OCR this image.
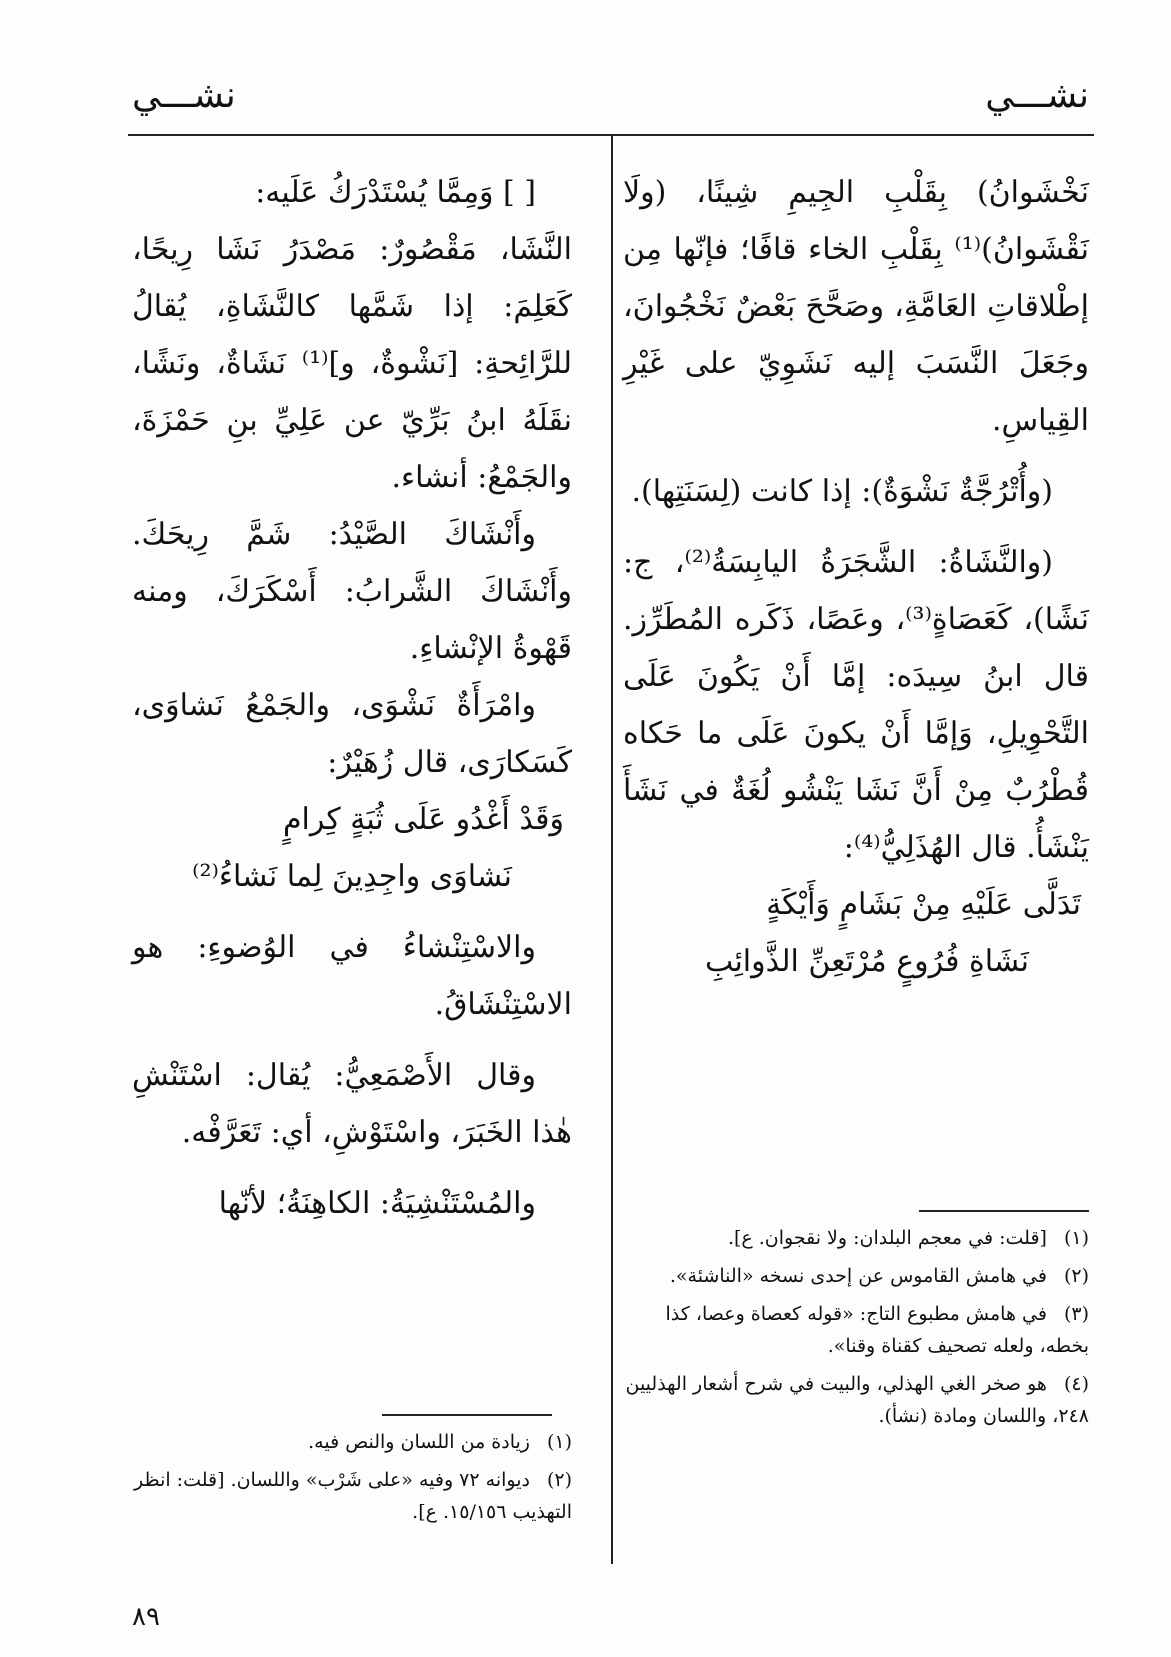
نشـــي
نشـــي

نَخْشَوانُ) بِقَلْبِ الجِيمِ شِينًا، (ولَا نَقْشَوانُ)⁽¹⁾ بِقَلْبِ الخاء قافًا؛ فإنّها مِن إطْلاقاتِ العَامَّةِ، وصَحَّحَ بَعْضٌ نَخْجُوانَ، وجَعَلَ النَّسَبَ إليه نَشَوِيّ على غَيْرِ القِياسِ.

(وأُتْرُجَّةٌ نَشْوَةٌ): إذا كانت (لِسَنَتِها).

(والنَّشَاةُ: الشَّجَرَةُ اليابِسَةُ⁽²⁾، ج: نَشًا)، كَعَصَاةٍ⁽³⁾، وعَصًا، ذَكَره المُطَرِّز. قال ابنُ سِيدَه: إمَّا أَنْ يَكُونَ عَلَى التَّحْوِيلِ، وَإمَّا أَنْ يكونَ عَلَى ما حَكاه قُطْرُبٌ مِنْ أَنَّ نَشَا يَنْشُو لُغَةٌ في نَشَأَ يَنْشَأُ. قال الهُذَلِيُّ⁽⁴⁾:

تَدَلَّى عَلَيْهِ مِنْ بَشَامٍ وَأَيْكَةٍ

نَشَاةِ فُرُوعٍ مُرْتَعِنِّ الذَّوائِبِ

[ ] وَمِمَّا يُسْتَدْرَكُ عَلَيه:

النَّشَا، مَقْصُورٌ: مَصْدَرُ نَشَا رِيحًا، كَعَلِمَ: إذا شَمَّها كالنَّشَاةِ، يُقالُ للرَّائِحةِ: [نَشْوةٌ، و]⁽¹⁾ نَشَاةٌ، ونَشًا، نقَلَهُ ابنُ بَرِّيّ عن عَلِيِّ بنِ حَمْزَةَ، والجَمْعُ: أنشاء.

وأَنْشَاكَ الصَّيْدُ: شَمَّ رِيحَكَ. وأَنْشَاكَ الشَّرابُ: أَسْكَرَكَ، ومنه قَهْوةُ الإنْشاءِ.

وامْرَأَةٌ نَشْوَى، والجَمْعُ نَشاوَى، كَسَكارَى، قال زُهَيْرٌ:

وَقَدْ أَغْدُو عَلَى ثُبَةٍ كِرامٍ

نَشاوَى واجِدِينَ لِما نَشاءُ⁽²⁾

والاسْتِنْشاءُ في الوُضوءِ: هو الاسْتِنْشَاقُ.

وقال الأَصْمَعِيُّ: يُقال: اسْتَنْشِ هٰذا الخَبَرَ، واسْتَوْشِ، أي: تَعَرَّفْه.

والمُسْتَنْشِيَةُ: الكاهِنَةُ؛ لأنّها

(١) [قلت: في معجم البلدان: ولا نقجوان. ع].

(٢) في هامش القاموس عن إحدى نسخه «الناشئة».

(٣) في هامش مطبوع التاج: «قوله كعصاة وعصا، كذا بخطه، ولعله تصحيف كقناة وقنا».

(٤) هو صخر الغي الهذلي، والبيت في شرح أشعار الهذليين ٢٤٨، واللسان ومادة (نشأ).

(١) زيادة من اللسان والنص فيه.

(٢) ديوانه ٧٢ وفيه «على شَرْب» واللسان. [قلت: انظر التهذيب ١٥/١٥٦. ع].

٨٩
